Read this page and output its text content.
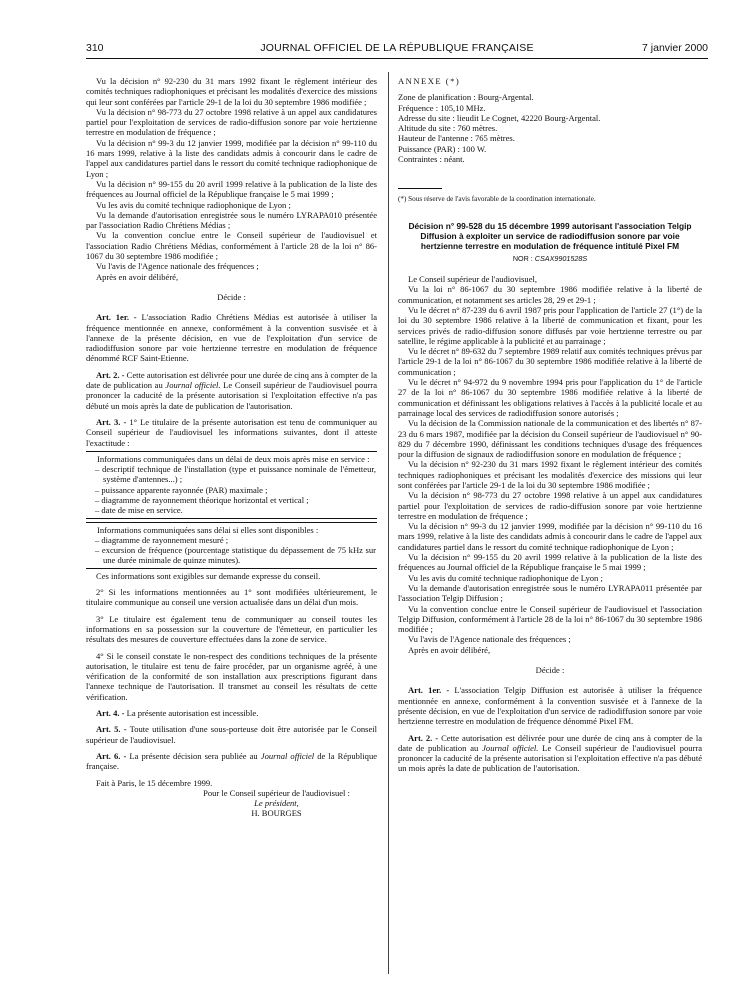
310	JOURNAL OFFICIEL DE LA RÉPUBLIQUE FRANÇAISE	7 janvier 2000

Vu la décision n° 92-230 du 31 mars 1992 fixant le règlement intérieur des comités techniques radiophoniques et précisant les modalités d'exercice des missions qui leur sont conférées par l'article 29-1 de la loi du 30 septembre 1986 modifiée ;

Vu la décision n° 98-773 du 27 octobre 1998 relative à un appel aux candidatures partiel pour l'exploitation de services de radio-diffusion sonore par voie hertzienne terrestre en modulation de fréquence ;

Vu la décision n° 99-3 du 12 janvier 1999, modifiée par la décision n° 99-110 du 16 mars 1999, relative à la liste des candidats admis à concourir dans le cadre de l'appel aux candidatures partiel dans le ressort du comité technique radiophonique de Lyon ;

Vu la décision n° 99-155 du 20 avril 1999 relative à la publication de la liste des fréquences au Journal officiel de la République française le 5 mai 1999 ;

Vu les avis du comité technique radiophonique de Lyon ;

Vu la demande d'autorisation enregistrée sous le numéro LYRAPA010 présentée par l'association Radio Chrétiens Médias ;

Vu la convention conclue entre le Conseil supérieur de l'audiovisuel et l'association Radio Chrétiens Médias, conformément à l'article 28 de la loi n° 86-1067 du 30 septembre 1986 modifiée ;

Vu l'avis de l'Agence nationale des fréquences ;

Après en avoir délibéré,

Décide :

Art. 1er. - L'association Radio Chrétiens Médias est autorisée à utiliser la fréquence mentionnée en annexe, conformément à la convention susvisée et à l'annexe de la présente décision, en vue de l'exploitation d'un service de radiodiffusion sonore par voie hertzienne terrestre en modulation de fréquence dénommé RCF Saint-Etienne.

Art. 2. - Cette autorisation est délivrée pour une durée de cinq ans à compter de la date de publication au Journal officiel. Le Conseil supérieur de l'audiovisuel pourra prononcer la caducité de la présente autorisation si l'exploitation effective n'a pas débuté un mois après la date de publication de l'autorisation.

Art. 3. - 1° Le titulaire de la présente autorisation est tenu de communiquer au Conseil supérieur de l'audiovisuel les informations suivantes, dont il atteste l'exactitude :

Informations communiquées dans un délai de deux mois après mise en service :

– descriptif technique de l'installation (type et puissance nominale de l'émetteur, système d'antennes...) ;

– puissance apparente rayonnée (PAR) maximale ;

– diagramme de rayonnement théorique horizontal et vertical ;

– date de mise en service.

Informations communiquées sans délai si elles sont disponibles :

– diagramme de rayonnement mesuré ;

– excursion de fréquence (pourcentage statistique du dépassement de 75 kHz sur une durée minimale de quinze minutes).

Ces informations sont exigibles sur demande expresse du conseil.

2° Si les informations mentionnées au 1° sont modifiées ultérieurement, le titulaire communique au conseil une version actualisée dans un délai d'un mois.

3° Le titulaire est également tenu de communiquer au conseil toutes les informations en sa possession sur la couverture de l'émetteur, en particulier les résultats des mesures de couverture effectuées dans la zone de service.

4° Si le conseil constate le non-respect des conditions techniques de la présente autorisation, le titulaire est tenu de faire procéder, par un organisme agréé, à une vérification de la conformité de son installation aux prescriptions figurant dans l'annexe technique de l'autorisation. Il transmet au conseil les résultats de cette vérification.

Art. 4. - La présente autorisation est incessible.

Art. 5. - Toute utilisation d'une sous-porteuse doit être autorisée par le Conseil supérieur de l'audiovisuel.

Art. 6. - La présente décision sera publiée au Journal officiel de la République française.

Fait à Paris, le 15 décembre 1999.

Pour le Conseil supérieur de l'audiovisuel :

Le président,

H. BOURGES

ANNEXE (*)

Zone de planification : Bourg-Argental.

Fréquence : 105,10 MHz.

Adresse du site : lieudit Le Cognet, 42220 Bourg-Argental.

Altitude du site : 760 mètres.

Hauteur de l'antenne : 765 mètres.

Puissance (PAR) : 100 W.

Contraintes : néant.

(*) Sous réserve de l'avis favorable de la coordination internationale.

Décision n° 99-528 du 15 décembre 1999 autorisant l'association Telgip Diffusion à exploiter un service de radiodiffusion sonore par voie hertzienne terrestre en modulation de fréquence intitulé Pixel FM
NOR : CSAX9901528S

Le Conseil supérieur de l'audiovisuel,

Vu la loi n° 86-1067 du 30 septembre 1986 modifiée relative à la liberté de communication, et notamment ses articles 28, 29 et 29-1 ;

Vu le décret n° 87-239 du 6 avril 1987 pris pour l'application de l'article 27 (1°) de la loi du 30 septembre 1986 relative à la liberté de communication et fixant, pour les services privés de radio-diffusion sonore diffusés par voie hertzienne terrestre ou par satellite, le régime applicable à la publicité et au parrainage ;

Vu le décret n° 89-632 du 7 septembre 1989 relatif aux comités techniques prévus par l'article 29-1 de la loi n° 86-1067 du 30 septembre 1986 modifiée relative à la liberté de communication ;

Vu le décret n° 94-972 du 9 novembre 1994 pris pour l'application du 1° de l'article 27 de la loi n° 86-1067 du 30 septembre 1986 modifiée relative à la liberté de communication et définissant les obligations relatives à l'accès à la publicité locale et au parrainage local des services de radiodiffusion sonore autorisés ;

Vu la décision de la Commission nationale de la communication et des libertés n° 87-23 du 6 mars 1987, modifiée par la décision du Conseil supérieur de l'audiovisuel n° 90-829 du 7 décembre 1990, définissant les conditions techniques d'usage des fréquences pour la diffusion de signaux de radiodiffusion sonore en modulation de fréquence ;

Vu la décision n° 92-230 du 31 mars 1992 fixant le règlement intérieur des comités techniques radiophoniques et précisant les modalités d'exercice des missions qui leur sont conférées par l'article 29-1 de la loi du 30 septembre 1986 modifiée ;

Vu la décision n° 98-773 du 27 octobre 1998 relative à un appel aux candidatures partiel pour l'exploitation de services de radio-diffusion sonore par voie hertzienne terrestre en modulation de fréquence ;

Vu la décision n° 99-3 du 12 janvier 1999, modifiée par la décision n° 99-110 du 16 mars 1999, relative à la liste des candidats admis à concourir dans le cadre de l'appel aux candidatures partiel dans le ressort du comité technique radiophonique de Lyon ;

Vu la décision n° 99-155 du 20 avril 1999 relative à la publication de la liste des fréquences au Journal officiel de la République française le 5 mai 1999 ;

Vu les avis du comité technique radiophonique de Lyon ;

Vu la demande d'autorisation enregistrée sous le numéro LYRAPA011 présentée par l'association Telgip Diffusion ;

Vu la convention conclue entre le Conseil supérieur de l'audiovisuel et l'association Telgip Diffusion, conformément à l'article 28 de la loi n° 86-1067 du 30 septembre 1986 modifiée ;

Vu l'avis de l'Agence nationale des fréquences ;

Après en avoir délibéré,

Décide :

Art. 1er. - L'association Telgip Diffusion est autorisée à utiliser la fréquence mentionnée en annexe, conformément à la convention susvisée et à l'annexe de la présente décision, en vue de l'exploitation d'un service de radiodiffusion sonore par voie hertzienne terrestre en modulation de fréquence dénommé Pixel FM.

Art. 2. - Cette autorisation est délivrée pour une durée de cinq ans à compter de la date de publication au Journal officiel. Le Conseil supérieur de l'audiovisuel pourra prononcer la caducité de la présente autorisation si l'exploitation effective n'a pas débuté un mois après la date de publication de l'autorisation.
